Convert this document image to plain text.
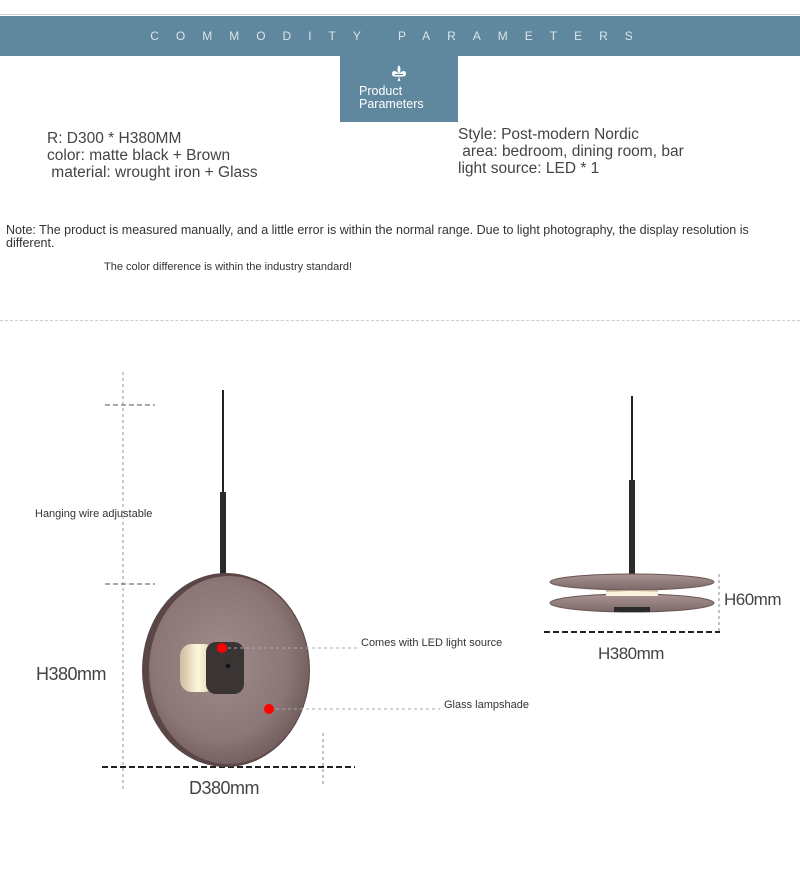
COMMODITY PARAMETERS
Product
Parameters
R: D300 * H380MM
color: matte black + Brown
material: wrought iron + Glass
Style: Post-modern Nordic
area: bedroom, dining room, bar
light source: LED * 1
Note: The product is measured manually, and a little error is within the normal range. Due to light photography, the display resolution is different.
The color difference is within the industry standard!
Hanging wire adjustable
Comes with LED light source
Glass lampshade
H380mm
D380mm
H60mm
H380mm
